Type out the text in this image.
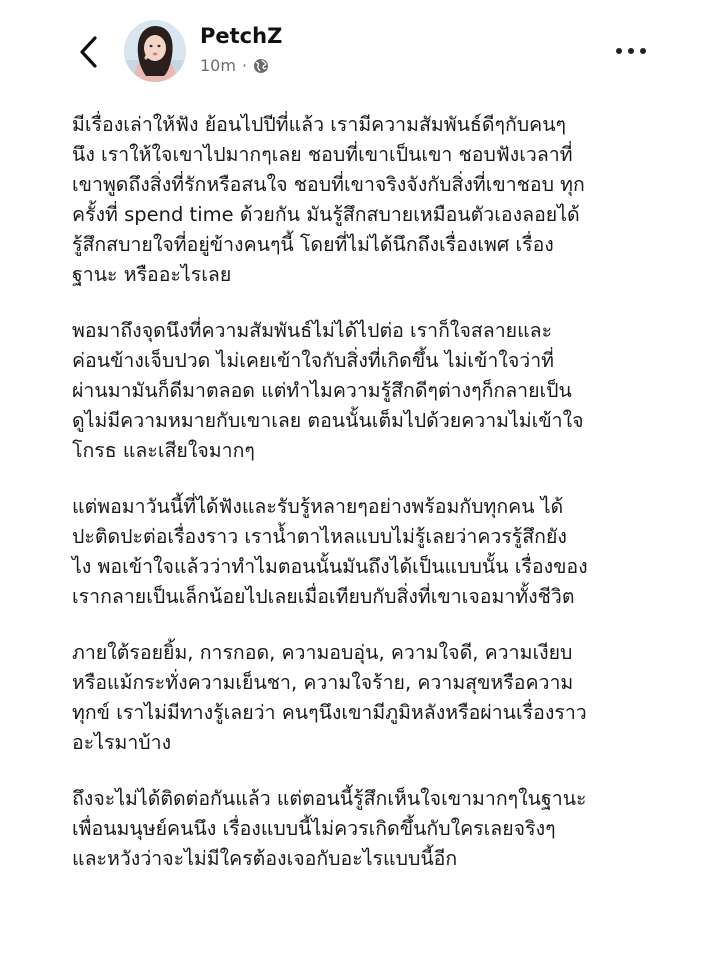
PetchZ
10m ·

มีเรื่องเล่าให้ฟัง ย้อนไปปีที่แล้ว เรามีความสัมพันธ์ดีๆกับคนๆ
นึง เราให้ใจเขาไปมากๆเลย ชอบที่เขาเป็นเขา ชอบฟังเวลาที่
เขาพูดถึงสิ่งที่รักหรือสนใจ ชอบที่เขาจริงจังกับสิ่งที่เขาชอบ ทุก
ครั้งที่ spend time ด้วยกัน มันรู้สึกสบายเหมือนตัวเองลอยได้
รู้สึกสบายใจที่อยู่ข้างคนๆนี้ โดยที่ไม่ได้นึกถึงเรื่องเพศ เรื่อง
ฐานะ หรืออะไรเลย

พอมาถึงจุดนึงที่ความสัมพันธ์ไม่ได้ไปต่อ เราก็ใจสลายและ
ค่อนข้างเจ็บปวด ไม่เคยเข้าใจกับสิ่งที่เกิดขึ้น ไม่เข้าใจว่าที่
ผ่านมามันก็ดีมาตลอด แต่ทำไมความรู้สึกดีๆต่างๆก็กลายเป็น
ดูไม่มีความหมายกับเขาเลย ตอนนั้นเต็มไปด้วยความไม่เข้าใจ
โกรธ และเสียใจมากๆ

แต่พอมาวันนี้ที่ได้ฟังและรับรู้หลายๆอย่างพร้อมกับทุกคน ได้
ปะติดปะต่อเรื่องราว เราน้ำตาไหลแบบไม่รู้เลยว่าควรรู้สึกยัง
ไง พอเข้าใจแล้วว่าทำไมตอนนั้นมันถึงได้เป็นแบบนั้น เรื่องของ
เรากลายเป็นเล็กน้อยไปเลยเมื่อเทียบกับสิ่งที่เขาเจอมาทั้งชีวิต

ภายใต้รอยยิ้ม, การกอด, ความอบอุ่น, ความใจดี, ความเงียบ
หรือแม้กระทั่งความเย็นชา, ความใจร้าย, ความสุขหรือความ
ทุกข์ เราไม่มีทางรู้เลยว่า คนๆนึงเขามีภูมิหลังหรือผ่านเรื่องราว
อะไรมาบ้าง

ถึงจะไม่ได้ติดต่อกันแล้ว แต่ตอนนี้รู้สึกเห็นใจเขามากๆในฐานะ
เพื่อนมนุษย์คนนึง เรื่องแบบนี้ไม่ควรเกิดขึ้นกับใครเลยจริงๆ
และหวังว่าจะไม่มีใครต้องเจอกับอะไรแบบนี้อีก
